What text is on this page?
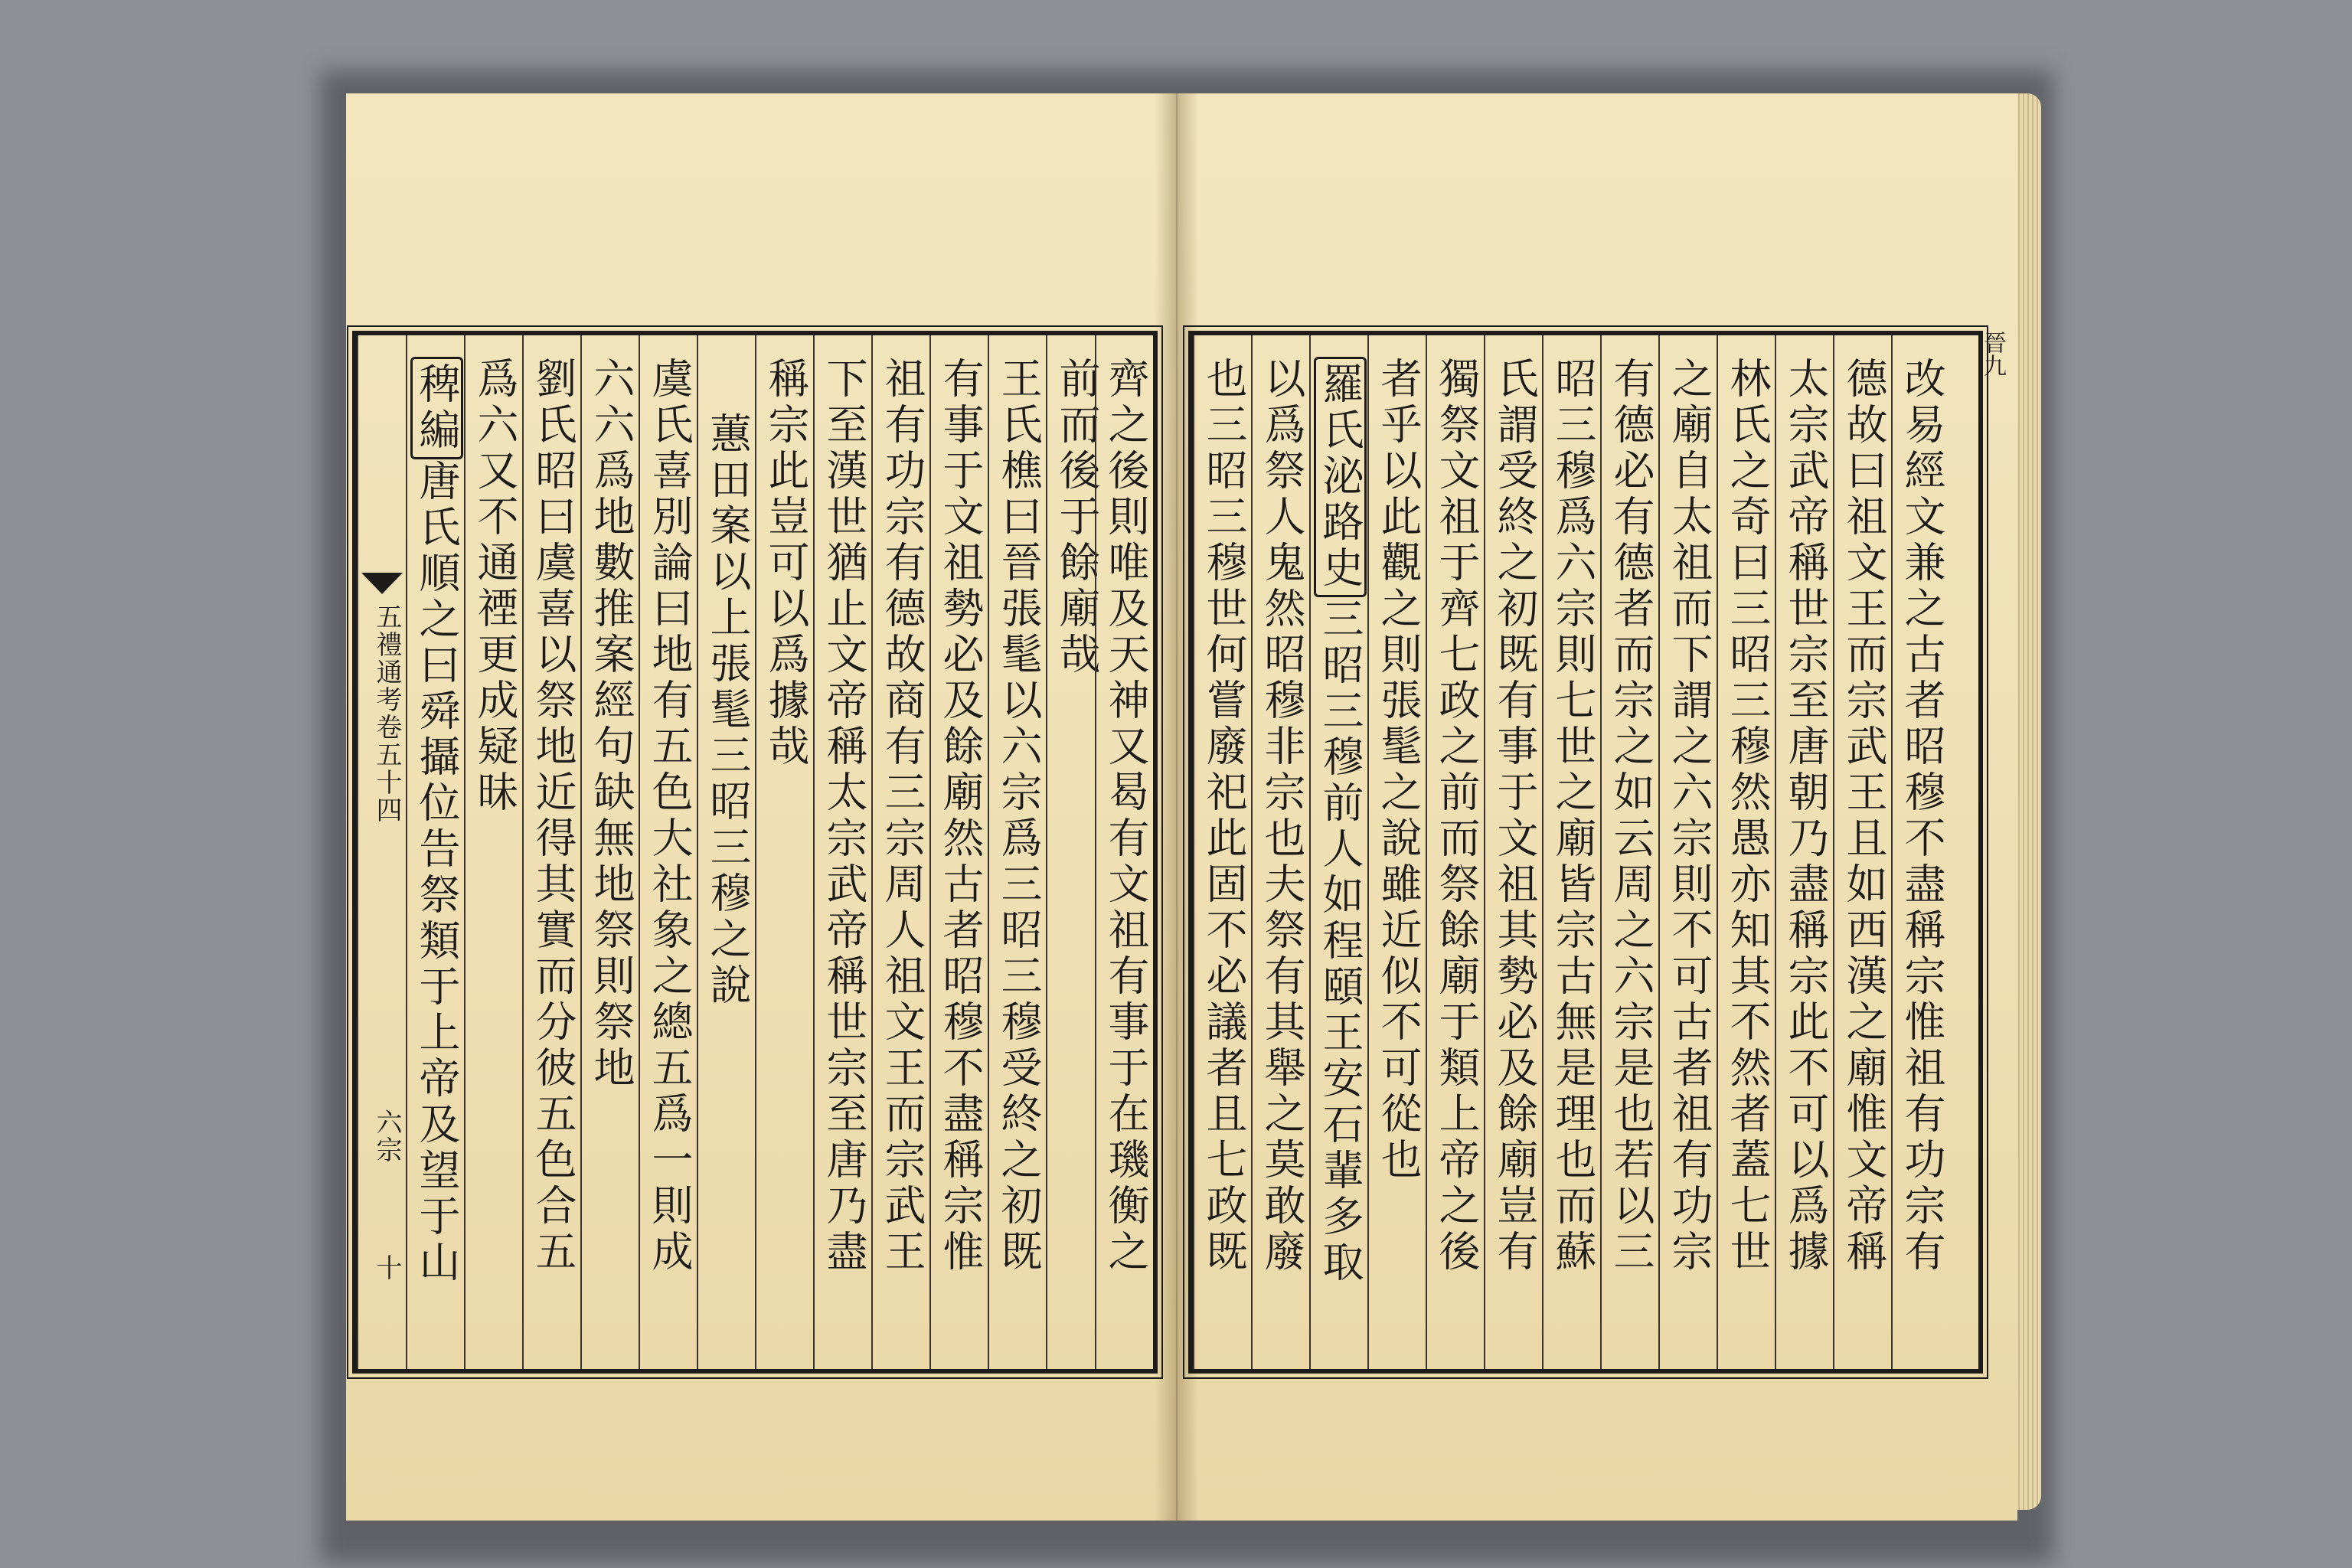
五禮通考卷五十四
六宗
十
稗編唐氏順之曰舜攝位告祭類于上帝及望于山 爲六又不通禋更成疑昧 劉氏昭曰虞喜以祭地近得其實而分彼五色合五 六六爲地數推案經句缺無地祭則祭地 虞氏喜別論曰地有五色大社象之總五爲一則成 蕙田案以上張髦三昭三穆之說 稱宗此豈可以爲據哉 下至漢世猶止文帝稱太宗武帝稱世宗至唐乃盡 祖有功宗有德故商有三宗周人祖文王而宗武王 有事于文祖勢必及餘廟然古者昭穆不盡稱宗惟 王氏樵曰晉張髦以六宗爲三昭三穆受終之初既 前而後于餘廟哉 齊之後則唯及天神又曷有文祖有事于在璣衡之 也三昭三穆世何嘗廢祀此固不必議者且七政既 以爲祭人鬼然昭穆非宗也夫祭有其舉之莫敢廢 羅氏泌路史三昭三穆前人如程頤王安石輩多取 者乎以此觀之則張髦之說雖近似不可從也 獨祭文祖于齊七政之前而祭餘廟于類上帝之後 氏謂受終之初既有事于文祖其勢必及餘廟豈有 昭三穆爲六宗則七世之廟皆宗古無是理也而蘇 有德必有德者而宗之如云周之六宗是也若以三 之廟自太祖而下謂之六宗則不可古者祖有功宗 林氏之奇曰三昭三穆然愚亦知其不然者蓋七世 太宗武帝稱世宗至唐朝乃盡稱宗此不可以爲據 德故曰祖文王而宗武王且如西漢之廟惟文帝稱 改易經文兼之古者昭穆不盡稱宗惟祖有功宗有
晉九
